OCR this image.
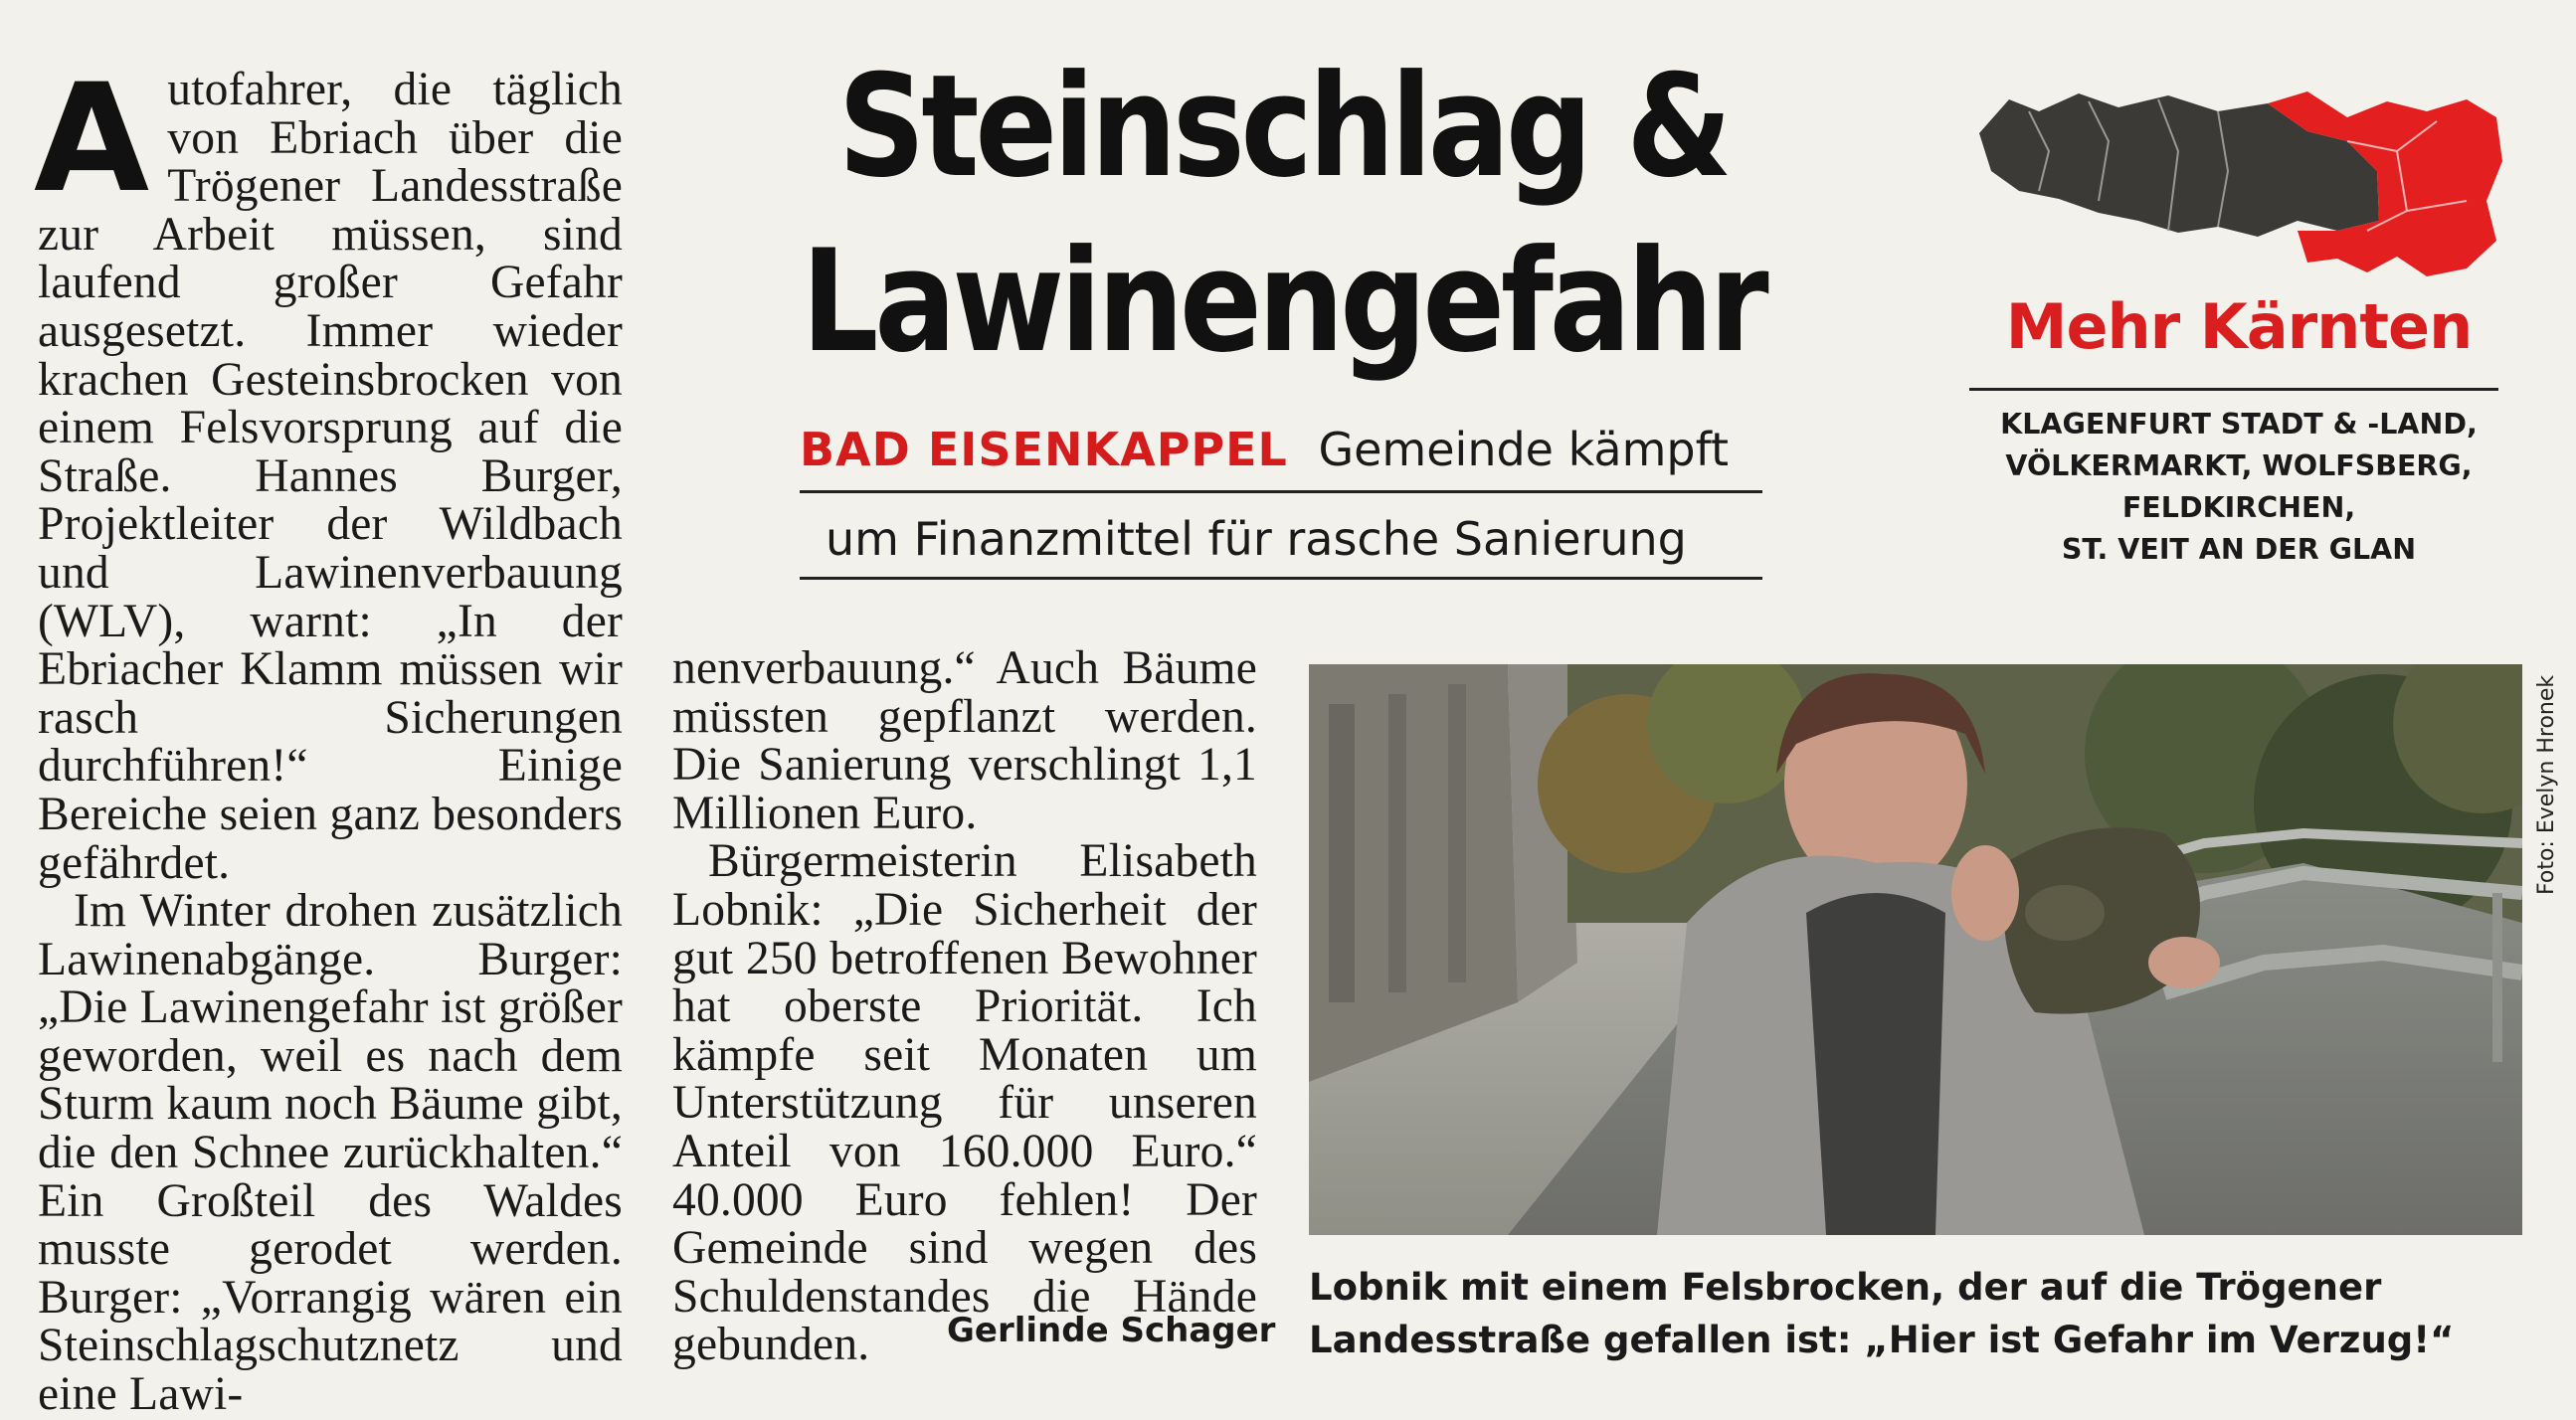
A utofahrer, die täglich von Ebriach über die Trögener Landesstraße zur Arbeit müssen, sind laufend großer Gefahr ausgesetzt. Immer wieder krachen Gesteinsbrocken von einem Felsvorsprung auf die Straße. Hannes Burger, Projektleiter der Wildbach und Lawinenverbauung (WLV), warnt: „In der Ebriacher Klamm müssen wir rasch Sicherungen durchführen!“ Einige Bereiche seien ganz besonders gefährdet.

Im Winter drohen zusätzlich Lawinenabgänge. Burger: „Die Lawinengefahr ist größer geworden, weil es nach dem Sturm kaum noch Bäume gibt, die den Schnee zurückhalten.“ Ein Großteil des Waldes musste gerodet werden. Burger: „Vorrangig wären ein Steinschlagschutznetz und eine Lawi-

Steinschlag &
Lawinengefahr
BAD EISENKAPPEL Gemeinde kämpft
um Finanzmittel für rasche Sanierung

nenverbauung.“ Auch Bäume müssten gepflanzt werden. Die Sanierung verschlingt 1,1 Millionen Euro.

Bürgermeisterin Elisabeth Lobnik: „Die Sicherheit der gut 250 betroffenen Bewohner hat oberste Priorität. Ich kämpfe seit Monaten um Unterstützung für unseren Anteil von 160.000 Euro.“ 40.000 Euro fehlen! Der Gemeinde sind wegen des Schuldenstandes die Hände gebunden.	Gerlinde Schager
Mehr Kärnten
KLAGENFURT STADT & -LAND,
VÖLKERMARKT, WOLFSBERG,
FELDKIRCHEN,
ST. VEIT AN DER GLAN
Foto: Evelyn Hronek
Lobnik mit einem Felsbrocken, der auf die Trögener
Landesstraße gefallen ist: „Hier ist Gefahr im Verzug!“
